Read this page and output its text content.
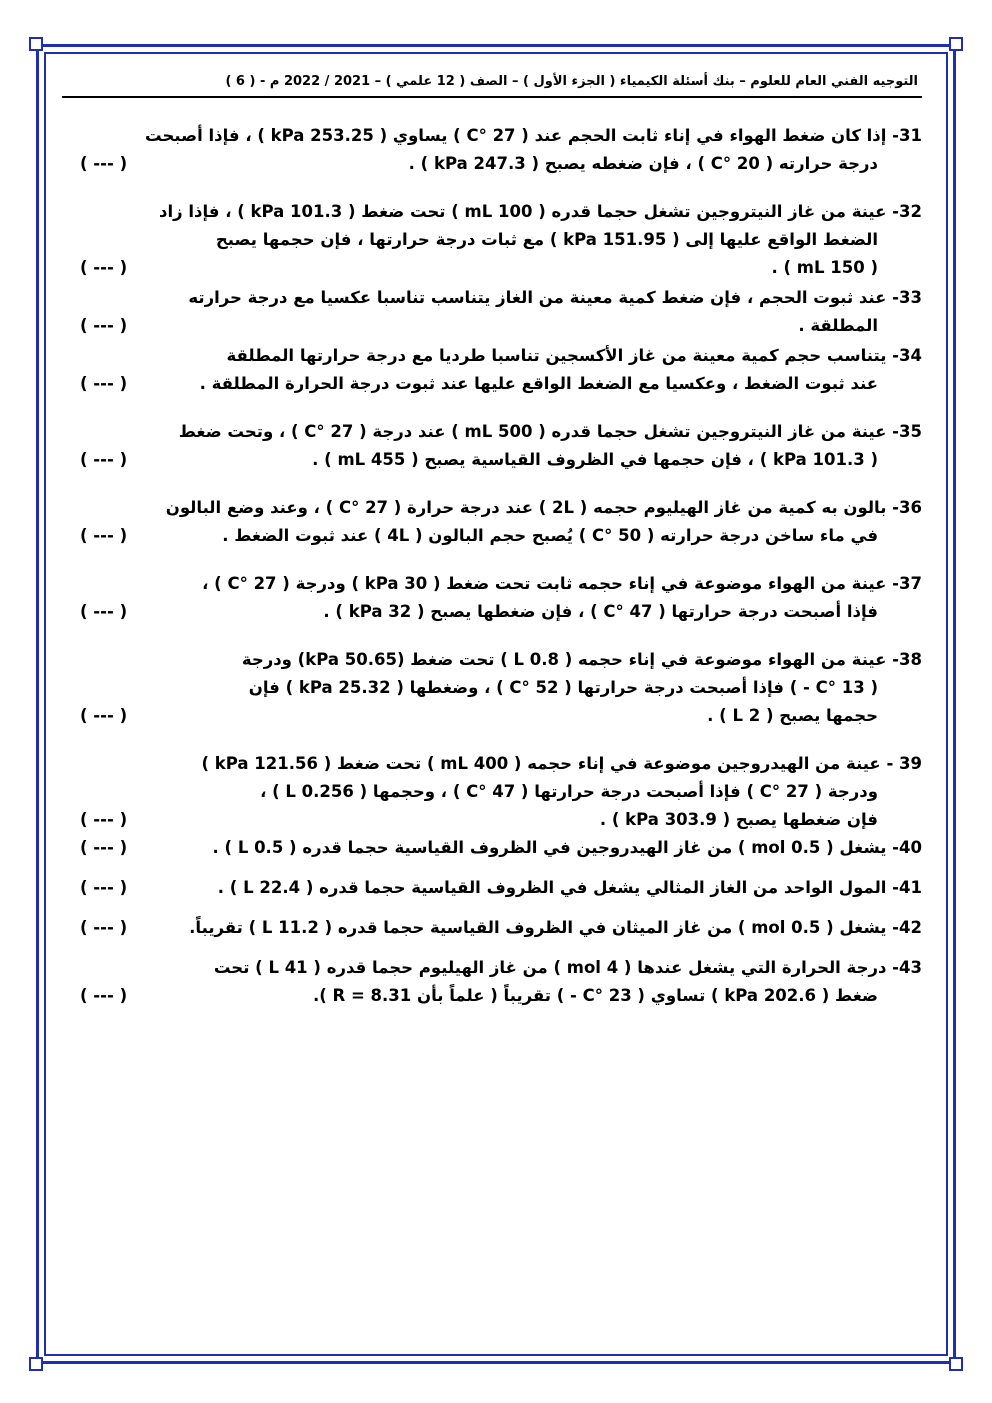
التوجيه الفني العام للعلوم – بنك أسئلة الكيمياء ( الجزء الأول ) – الصف ( 12 علمي ) – 2021 / 2022 م - ( 6 )

31- إذا كان ضغط الهواء في إناء ثابت الحجم عند ( 27 °C ) يساوي ( 253.25 kPa ) ، فإذا أصبحت

درجة حرارته ( 20 °C ) ، فإن ضغطه يصبح ( 247.3 kPa ) .

( --- )

32- عينة من غاز النيتروجين تشغل حجما قدره ( 100 mL ) تحت ضغط ( 101.3 kPa ) ، فإذا زاد

الضغط الواقع عليها إلى ( 151.95 kPa ) مع ثبات درجة حرارتها ، فإن حجمها يصبح

( 150 mL ) .

( --- )

33- عند ثبوت الحجم ، فإن ضغط كمية معينة من الغاز يتناسب تناسبا عكسيا مع درجة حرارته

المطلقة .

( --- )

34- يتناسب حجم كمية معينة من غاز الأكسجين تناسبا طرديا مع درجة حرارتها المطلقة

عند ثبوت الضغط ، وعكسيا مع الضغط الواقع عليها عند ثبوت درجة الحرارة المطلقة .

( --- )

35- عينة من غاز النيتروجين تشغل حجما قدره ( 500 mL ) عند درجة ( 27 °C ) ، وتحت ضغط

( 101.3 kPa ) ، فإن حجمها في الظروف القياسية يصبح ( 455 mL ) .

( --- )

36- بالون به كمية من غاز الهيليوم حجمه ( 2L ) عند درجة حرارة ( 27 °C ) ، وعند وضع البالون

في ماء ساخن درجة حرارته ( 50 °C ) يُصبح حجم البالون ( 4L ) عند ثبوت الضغط .

( --- )

37- عينة من الهواء موضوعة في إناء حجمه ثابت تحت ضغط ( 30 kPa ) ودرجة ( 27 °C ) ،

فإذا أصبحت درجة حرارتها ( 47 °C ) ، فإن ضغطها يصبح ( 32 kPa ) .

( --- )

38- عينة من الهواء موضوعة في إناء حجمه ( 0.8 L ) تحت ضغط (50.65 kPa) ودرجة

( 13 °C - ) فإذا أصبحت درجة حرارتها ( 52 °C ) ، وضغطها ( 25.32 kPa ) فإن

حجمها يصبح ( 2 L ) .

( --- )

39 - عينة من الهيدروجين موضوعة في إناء حجمه ( 400 mL ) تحت ضغط ( 121.56 kPa )

ودرجة ( 27 °C ) فإذا أصبحت درجة حرارتها ( 47 °C ) ، وحجمها ( 0.256 L ) ،

فإن ضغطها يصبح ( 303.9 kPa ) .

( --- )

40- يشغل ( 0.5 mol ) من غاز الهيدروجين في الظروف القياسية حجما قدره ( 0.5 L ) .

( --- )

41- المول الواحد من الغاز المثالي يشغل في الظروف القياسية حجما قدره ( 22.4 L ) .

( --- )

42- يشغل ( 0.5 mol ) من غاز الميثان في الظروف القياسية حجما قدره ( 11.2 L ) تقريباً.

( --- )

43- درجة الحرارة التي يشغل عندها ( 4 mol ) من غاز الهيليوم حجما قدره ( 41 L ) تحت

ضغط ( 202.6 kPa ) تساوي ( 23 °C - ) تقريباً ( علماً بأن R = 8.31 ).

( --- )
